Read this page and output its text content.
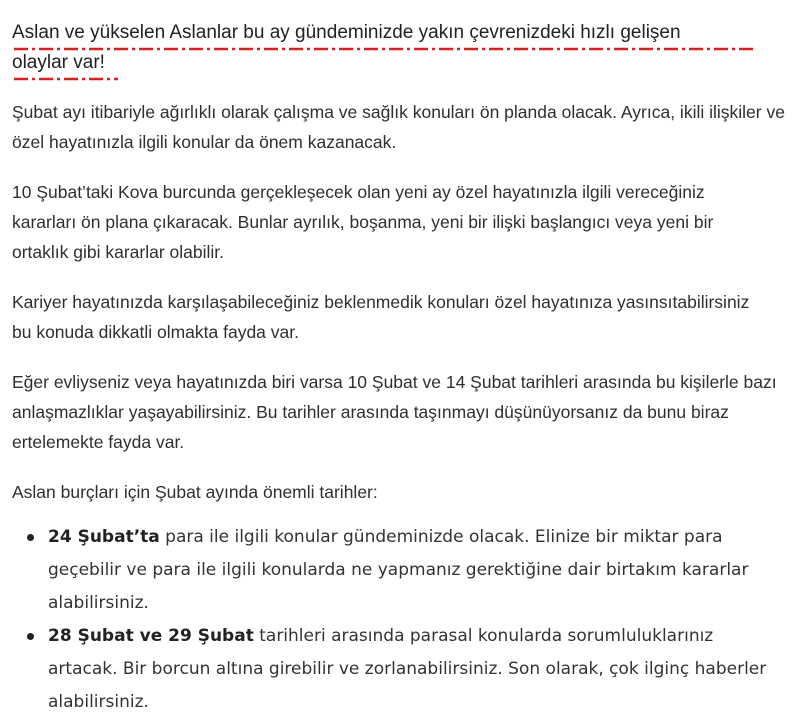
Aslan ve yükselen Aslanlar bu ay gündeminizde yakın çevrenizdeki hızlı gelişen
olaylar var!

Şubat ayı itibariyle ağırlıklı olarak çalışma ve sağlık konuları ön planda olacak. Ayrıca, ikili ilişkiler ve özel hayatınızla ilgili konular da önem kazanacak.

10 Şubat’taki Kova burcunda gerçekleşecek olan yeni ay özel hayatınızla ilgili vereceğiniz kararları ön plana çıkaracak. Bunlar ayrılık, boşanma, yeni bir ilişki başlangıcı veya yeni bir ortaklık gibi kararlar olabilir.

Kariyer hayatınızda karşılaşabileceğiniz beklenmedik konuları özel hayatınıza yasınsıtabilirsiniz bu konuda dikkatli olmakta fayda var.

Eğer evliyseniz veya hayatınızda biri varsa 10 Şubat ve 14 Şubat tarihleri arasında bu kişilerle bazı anlaşmazlıklar yaşayabilirsiniz. Bu tarihler arasında taşınmayı düşünüyorsanız da bunu biraz ertelemekte fayda var.

Aslan burçları için Şubat ayında önemli tarihler:

24 Şubat’ta para ile ilgili konular gündeminizde olacak. Elinize bir miktar para geçebilir ve para ile ilgili konularda ne yapmanız gerektiğine dair birtakım kararlar alabilirsiniz.
28 Şubat ve 29 Şubat tarihleri arasında parasal konularda sorumluluklarınız artacak. Bir borcun altına girebilir ve zorlanabilirsiniz. Son olarak, çok ilginç haberler alabilirsiniz.
